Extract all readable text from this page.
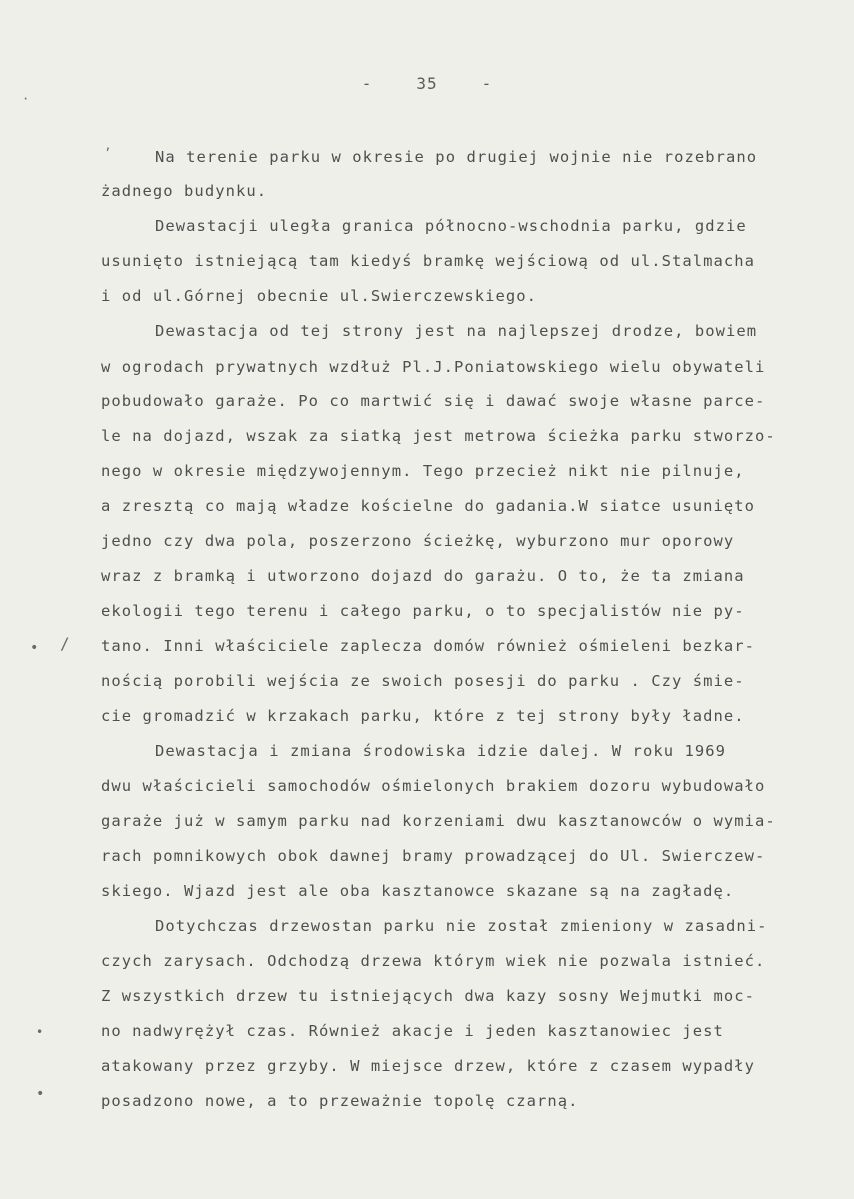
-	35	-
·
’
• /
•
•
Na terenie parku w okresie po drugiej wojnie nie rozebrano
żadnego budynku.
Dewastacji uległa granica północno-wschodnia parku, gdzie
usunięto istniejącą tam kiedyś bramkę wejściową od ul.Stalmacha
i od ul.Górnej obecnie ul.Swierczewskiego.
Dewastacja od tej strony jest na najlepszej drodze, bowiem
w ogrodach prywatnych wzdłuż Pl.J.Poniatowskiego wielu obywateli
pobudowało garaże. Po co martwić się i dawać swoje własne parce-
le na dojazd, wszak za siatką jest metrowa ścieżka parku stworzo-
nego w okresie międzywojennym. Tego przecież nikt nie pilnuje,
a zresztą co mają władze kościelne do gadania.W siatce usunięto
jedno czy dwa pola, poszerzono ścieżkę, wyburzono mur oporowy
wraz z bramką i utworzono dojazd do garażu. O to, że ta zmiana
ekologii tego terenu i całego parku, o to specjalistów nie py-
tano. Inni właściciele zaplecza domów również ośmieleni bezkar-
nością porobili wejścia ze swoich posesji do parku . Czy śmie-
cie gromadzić w krzakach parku, które z tej strony były ładne.
Dewastacja i zmiana środowiska idzie dalej. W roku 1969
dwu właścicieli samochodów ośmielonych brakiem dozoru wybudowało
garaże już w samym parku nad korzeniami dwu kasztanowców o wymia-
rach pomnikowych obok dawnej bramy prowadzącej do Ul. Swierczew-
skiego. Wjazd jest ale oba kasztanowce skazane są na zagładę.
Dotychczas drzewostan parku nie został zmieniony w zasadni-
czych zarysach. Odchodzą drzewa którym wiek nie pozwala istnieć.
Z wszystkich drzew tu istniejących dwa kazy sosny Wejmutki moc-
no nadwyrężył czas. Również akacje i jeden kasztanowiec jest
atakowany przez grzyby. W miejsce drzew, które z czasem wypadły
posadzono nowe, a to przeważnie topolę czarną.
